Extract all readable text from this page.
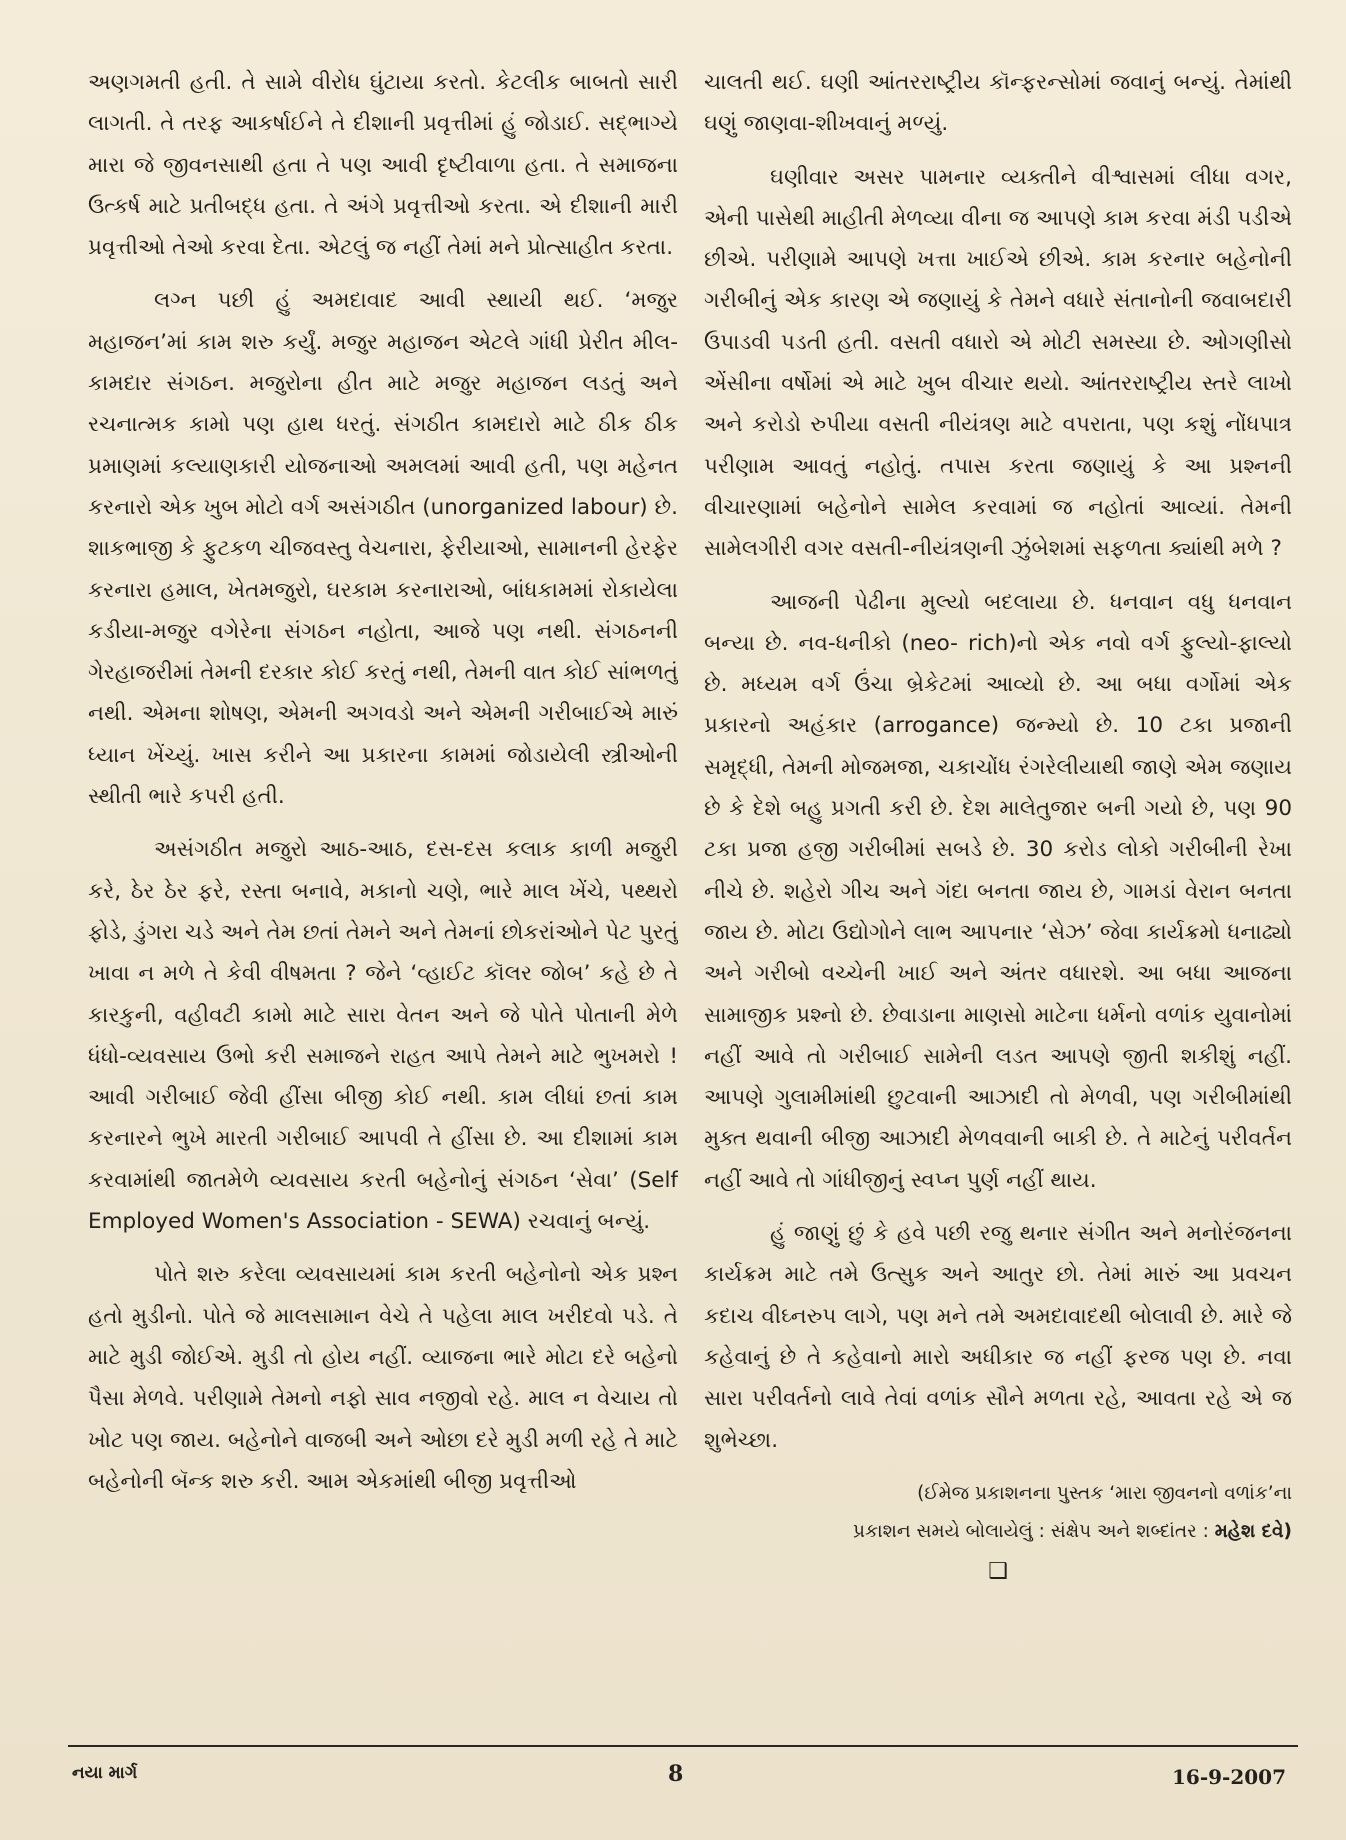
અણગમતી હતી. તે સામે વીરોધ ઘુંટાયા કરતો. કેટલીક બાબતો સારી લાગતી. તે તરફ આકર્ષાઈને તે દીશાની પ્રવૃત્તીમાં હું જોડાઈ. સદ્ભાગ્યે મારા જે જીવનસાથી હતા તે પણ આવી દૃષ્ટીવાળા હતા. તે સમાજના ઉત્કર્ષ માટે પ્રતીબદ્ધ હતા. તે અંગે પ્રવૃત્તીઓ કરતા. એ દીશાની મારી પ્રવૃત્તીઓ તેઓ કરવા દેતા. એટલું જ નહીં તેમાં મને પ્રોત્સાહીત કરતા.

લગ્ન પછી હું અમદાવાદ આવી સ્થાયી થઈ. ‘મજુર મહાજન’માં કામ શરુ કર્યું. મજુર મહાજન એટલે ગાંધી પ્રેરીત મીલ-કામદાર સંગઠન. મજુરોના હીત માટે મજુર મહાજન લડતું અને રચનાત્મક કામો પણ હાથ ધરતું. સંગઠીત કામદારો માટે ઠીક ઠીક પ્રમાણમાં કલ્યાણકારી યોજનાઓ અમલમાં આવી હતી, પણ મહેનત કરનારો એક ખુબ મોટો વર્ગ અસંગઠીત (unorganized labour) છે. શાકભાજી કે ફુટકળ ચીજવસ્તુ વેચનારા, ફેરીયાઓ, સામાનની હેરફેર કરનારા હમાલ, ખેતમજુરો, ઘરકામ કરનારાઓ, બાંધકામમાં રોકાયેલા કડીયા-મજુર વગેરેના સંગઠન નહોતા, આજે પણ નથી. સંગઠનની ગેરહાજરીમાં તેમની દરકાર કોઈ કરતું નથી, તેમની વાત કોઈ સાંભળતું નથી. એમના શોષણ, એમની અગવડો અને એમની ગરીબાઈએ મારું ધ્યાન ખેંચ્યું. ખાસ કરીને આ પ્રકારના કામમાં જોડાયેલી સ્ત્રીઓની સ્થીતી ભારે કપરી હતી.

અસંગઠીત મજુરો આઠ-આઠ, દસ-દસ કલાક કાળી મજુરી કરે, ઠેર ઠેર ફરે, રસ્તા બનાવે, મકાનો ચણે, ભારે માલ ખેંચે, પથ્થરો ફોડે, ડુંગરા ચડે અને તેમ છતાં તેમને અને તેમનાં છોકરાંઓને પેટ પુરતું ખાવા ન મળે તે કેવી વીષમતા ? જેને ‘વ્હાઈટ કૉલર જોબ’ કહે છે તે કારકુની, વહીવટી કામો માટે સારા વેતન અને જે પોતે પોતાની મેળે ધંધો-વ્યવસાય ઉભો કરી સમાજને રાહત આપે તેમને માટે ભુખમરો ! આવી ગરીબાઈ જેવી હીંસા બીજી કોઈ નથી. કામ લીધાં છતાં કામ કરનારને ભુખે મારતી ગરીબાઈ આપવી તે હીંસા છે. આ દીશામાં કામ કરવામાંથી જાતમેળે વ્યવસાય કરતી બહેનોનું સંગઠન ‘સેવા’ (Self Employed Women's Association - SEWA) રચવાનું બન્યું.

પોતે શરુ કરેલા વ્યવસાયમાં કામ કરતી બહેનોનો એક પ્રશ્ન હતો મુડીનો. પોતે જે માલસામાન વેચે તે પહેલા માલ ખરીદવો પડે. તે માટે મુડી જોઈએ. મુડી તો હોય નહીં. વ્યાજના ભારે મોટા દરે બહેનો પૈસા મેળવે. પરીણામે તેમનો નફો સાવ નજીવો રહે. માલ ન વેચાય તો ખોટ પણ જાય. બહેનોને વાજબી અને ઓછા દરે મુડી મળી રહે તે માટે બહેનોની બૅન્ક શરુ કરી. આમ એકમાંથી બીજી પ્રવૃત્તીઓ

ચાલતી થઈ. ઘણી આંતરરાષ્ટ્રીય કૉન્ફરન્સોમાં જવાનું બન્યું. તેમાંથી ઘણું જાણવા-શીખવાનું મળ્યું.

ઘણીવાર અસર પામનાર વ્યક્તીને વીશ્વાસમાં લીધા વગર, એની પાસેથી માહીતી મેળવ્યા વીના જ આપણે કામ કરવા મંડી પડીએ છીએ. પરીણામે આપણે ખત્તા ખાઈએ છીએ. કામ કરનાર બહેનોની ગરીબીનું એક કારણ એ જણાયું કે તેમને વધારે સંતાનોની જવાબદારી ઉપાડવી પડતી હતી. વસતી વધારો એ મોટી સમસ્યા છે. ઓગણીસો એંસીના વર્ષોમાં એ માટે ખુબ વીચાર થયો. આંતરરાષ્ટ્રીય સ્તરે લાખો અને કરોડો રુપીયા વસતી નીયંત્રણ માટે વપરાતા, પણ કશું નોંધપાત્ર પરીણામ આવતું નહોતું. તપાસ કરતા જણાયું કે આ પ્રશ્નની વીચારણામાં બહેનોને સામેલ કરવામાં જ નહોતાં આવ્યાં. તેમની સામેલગીરી વગર વસતી-નીયંત્રણની ઝુંબેશમાં સફળતા ક્યાંથી મળે ?

આજની પેઢીના મુલ્યો બદલાયા છે. ધનવાન વધુ ધનવાન બન્યા છે. નવ-ધનીકો (neo- rich)નો એક નવો વર્ગ ફુલ્યો-ફાલ્યો છે. મધ્યમ વર્ગ ઉંચા બ્રેકેટમાં આવ્યો છે. આ બધા વર્ગોમાં એક પ્રકારનો અહંકાર (arrogance) જન્મ્યો છે. 10 ટકા પ્રજાની સમૃદ્ધી, તેમની મોજમજા, ચકાચોંધ રંગરેલીયાથી જાણે એમ જણાય છે કે દેશે બહુ પ્રગતી કરી છે. દેશ માલેતુજાર બની ગયો છે, પણ 90 ટકા પ્રજા હજી ગરીબીમાં સબડે છે. 30 કરોડ લોકો ગરીબીની રેખા નીચે છે. શહેરો ગીચ અને ગંદા બનતા જાય છે, ગામડાં વેરાન બનતા જાય છે. મોટા ઉદ્યોગોને લાભ આપનાર ‘સેઝ’ જેવા કાર્યક્રમો ધનાઢ્યો અને ગરીબો વચ્ચેની ખાઈ અને અંતર વધારશે. આ બધા આજના સામાજીક પ્રશ્નો છે. છેવાડાના માણસો માટેના ધર્મનો વળાંક યુવાનોમાં નહીં આવે તો ગરીબાઈ સામેની લડત આપણે જીતી શકીશું નહીં. આપણે ગુલામીમાંથી છુટવાની આઝાદી તો મેળવી, પણ ગરીબીમાંથી મુક્ત થવાની બીજી આઝાદી મેળવવાની બાકી છે. તે માટેનું પરીવર્તન નહીં આવે તો ગાંધીજીનું સ્વપ્ન પુર્ણ નહીં થાય.

હું જાણું છું કે હવે પછી રજુ થનાર સંગીત અને મનોરંજનના કાર્યક્રમ માટે તમે ઉત્સુક અને આતુર છો. તેમાં મારું આ પ્રવચન કદાચ વીઘ્નરુપ લાગે, પણ મને તમે અમદાવાદથી બોલાવી છે. મારે જે કહેવાનું છે તે કહેવાનો મારો અધીકાર જ નહીં ફરજ પણ છે. નવા સારા પરીવર્તનો લાવે તેવાં વળાંક સૌને મળતા રહે, આવતા રહે એ જ શુભેચ્છા.

(ઈમેજ પ્રકાશનના પુસ્તક ‘મારા જીવનનો વળાંક’ના
પ્રકાશન સમયે બોલાયેલું : સંક્ષેપ અને શબ્દાંતર : મહેશ દવે)
❑
નયા માર્ગ	8	16-9-2007
